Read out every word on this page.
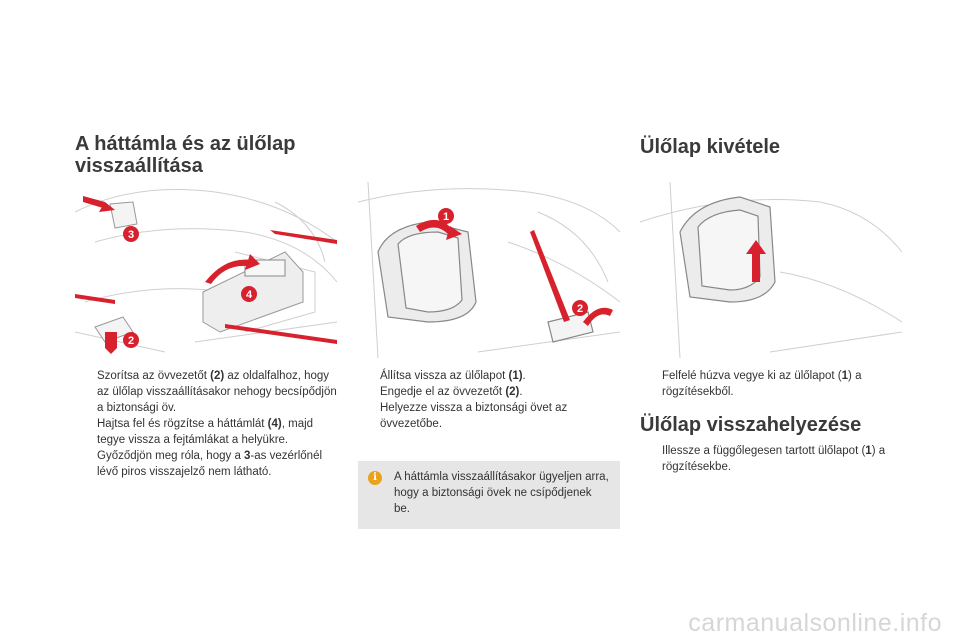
A háttámla és az ülőlap visszaállítása
Ülőlap kivétele
Ülőlap visszahelyezése
3
4
2
1
2
Szorítsa az övvezetőt (2) az oldalfalhoz, hogy az ülőlap visszaállításakor nehogy becsípődjön a biztonsági öv.
Hajtsa fel és rögzítse a háttámlát (4), majd tegye vissza a fejtámlákat a helyükre.
Győződjön meg róla, hogy a 3-as vezérlőnél lévő piros visszajelző nem látható.
Állítsa vissza az ülőlapot (1).
Engedje el az övvezetőt (2).
Helyezze vissza a biztonsági övet az övvezetőbe.
i	A háttámla visszaállításakor ügyeljen arra, hogy a biztonsági övek ne csípődjenek be.
Felfelé húzva vegye ki az ülőlapot (1) a rögzítésekből.
Illessze a függőlegesen tartott ülőlapot (1) a rögzítésekbe.
carmanualsonline.info
